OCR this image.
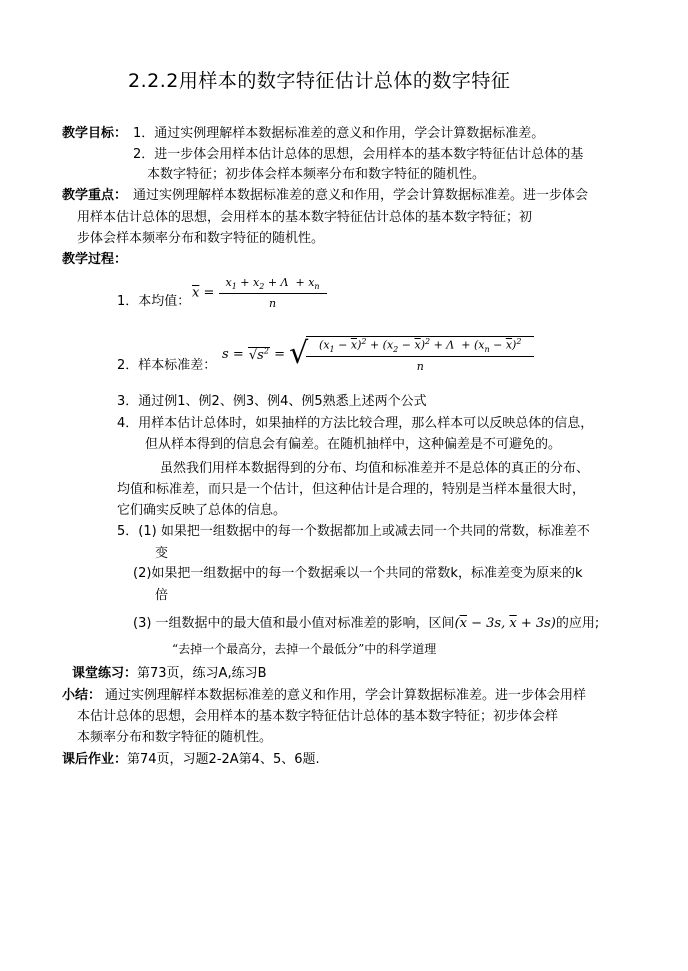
2.2.2用样本的数字特征估计总体的数字特征
教学目标： 1．通过实例理解样本数据标准差的意义和作用，学会计算数据标准差。
2．进一步体会用样本估计总体的思想，会用样本的基本数字特征估计总体的基
本数字特征；初步体会样本频率分布和数字特征的随机性。
教学重点： 通过实例理解样本数据标准差的意义和作用，学会计算数据标准差。进一步体会
用样本估计总体的思想，会用样本的基本数字特征估计总体的基本数字特征；初
步体会样本频率分布和数字特征的随机性。
教学过程：
1．本均值：
$\overline{x} = \frac{x_1 + x_2 + \Lambda + x_n}{n}$
2．样本标准差：
$s = √s^2$ = √
$\frac{(x_1 - \overline{x})^2 + (x_2 - \overline{x})^2 + \Lambda + (x_n - \overline{x})^2}{n}$
3．通过例1、例2、例3、例4、例5熟悉上述两个公式
4．用样本估计总体时，如果抽样的方法比较合理，那么样本可以反映总体的信息，
但从样本得到的信息会有偏差。在随机抽样中，这种偏差是不可避免的。
虽然我们用样本数据得到的分布、均值和标准差并不是总体的真正的分布、
均值和标准差，而只是一个估计，但这种估计是合理的，特别是当样本量很大时，
它们确实反映了总体的信息。
5．(1) 如果把一组数据中的每一个数据都加上或减去同一个共同的常数，标准差不
变
(2)如果把一组数据中的每一个数据乘以一个共同的常数k，标准差变为原来的k
倍
(3) 一组数据中的最大值和最小值对标准差的影响，区间($\overline{x} - 3s$, $\overline{x} + 3s$)的应用;
“去掉一个最高分，去掉一个最低分”中的科学道理
课堂练习：第73页，练习A,练习B
小结： 通过实例理解样本数据标准差的意义和作用，学会计算数据标准差。进一步体会用样
本估计总体的思想，会用样本的基本数字特征估计总体的基本数字特征；初步体会样
本频率分布和数字特征的随机性。
课后作业：第74页，习题2-2A第4、5、6题.
